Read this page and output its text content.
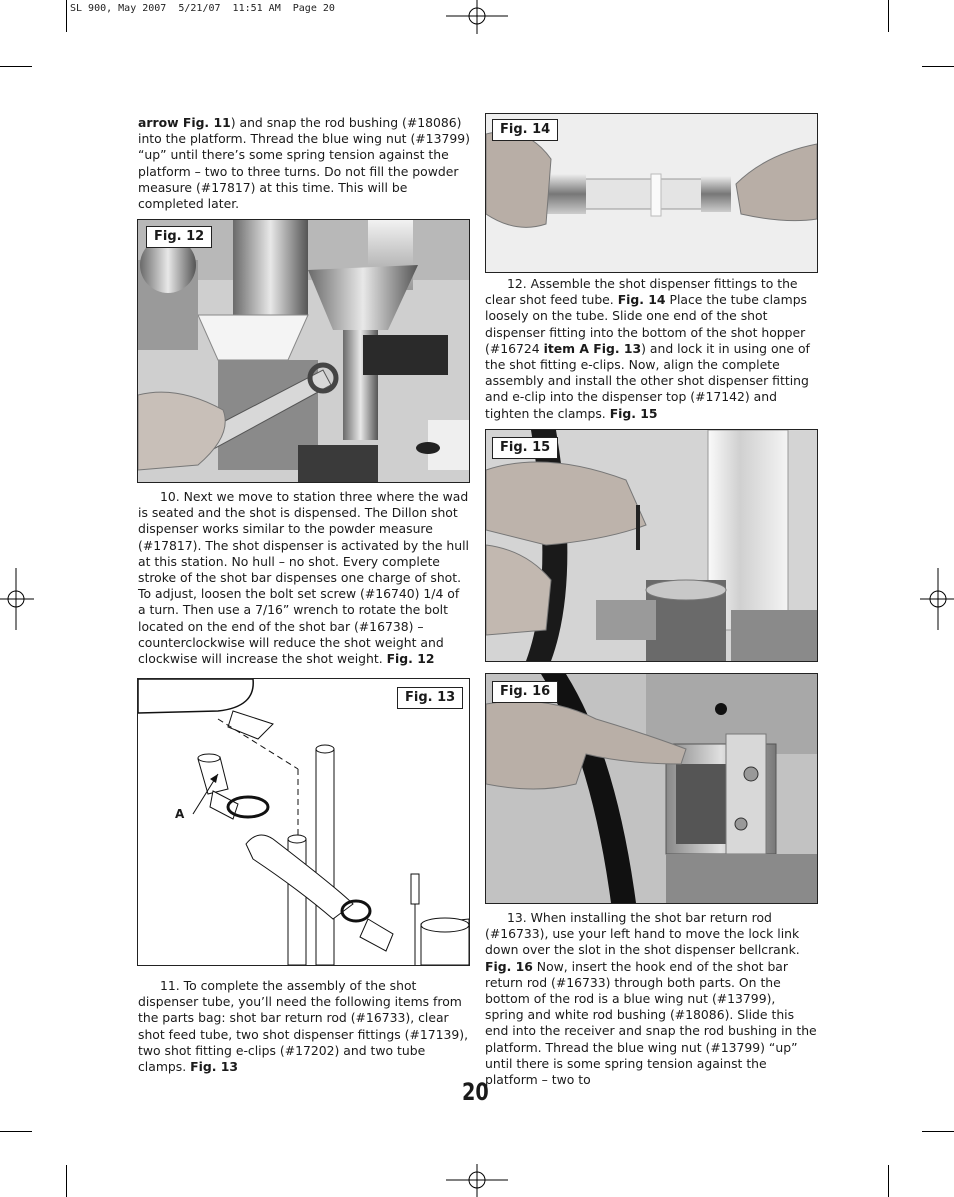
SL 900, May 2007  5/21/07  11:51 AM  Page 20

arrow Fig. 11) and snap the rod bushing (#18086) into the platform. Thread the blue wing nut (#13799) “up” until there’s some spring tension against the platform – two to three turns. Do not fill the powder measure (#17817) at this time. This will be completed later.

Fig. 12

10. Next we move to station three where the wad is seated and the shot is dispensed. The Dillon shot dispenser works similar to the powder measure (#17817). The shot dispenser is activated by the hull at this station. No hull – no shot. Every complete stroke of the shot bar dispenses one charge of shot. To adjust, loosen the bolt set screw (#16740) 1/4 of a turn. Then use a 7/16” wrench to rotate the bolt located on the end of the shot bar (#16738) – counterclockwise will reduce the shot weight and clockwise will increase the shot weight. Fig. 12

Fig. 13
A

11. To complete the assembly of the shot dispenser tube, you’ll need the following items from the parts bag: shot bar return rod (#16733), clear shot feed tube, two shot dispenser fittings (#17139), two shot fitting e-clips (#17202) and two tube clamps. Fig. 13

Fig. 14

12. Assemble the shot dispenser fittings to the clear shot feed tube. Fig. 14 Place the tube clamps loosely on the tube. Slide one end of the shot dispenser fitting into the bottom of the shot hopper (#16724 item A Fig. 13) and lock it in using one of the shot fitting e-clips. Now, align the complete assembly and install the other shot dispenser fitting and e-clip into the dispenser top (#17142) and tighten the clamps. Fig. 15

Fig. 15
Fig. 16

13. When installing the shot bar return rod (#16733), use your left hand to move the lock link down over the slot in the shot dispenser bellcrank. Fig. 16 Now, insert the hook end of the shot bar return rod (#16733) through both parts. On the bottom of the rod is a blue wing nut (#13799), spring and white rod bushing (#18086). Slide this end into the receiver and snap the rod bushing in the platform. Thread the blue wing nut (#13799) “up” until there is some spring tension against the platform – two to

20
